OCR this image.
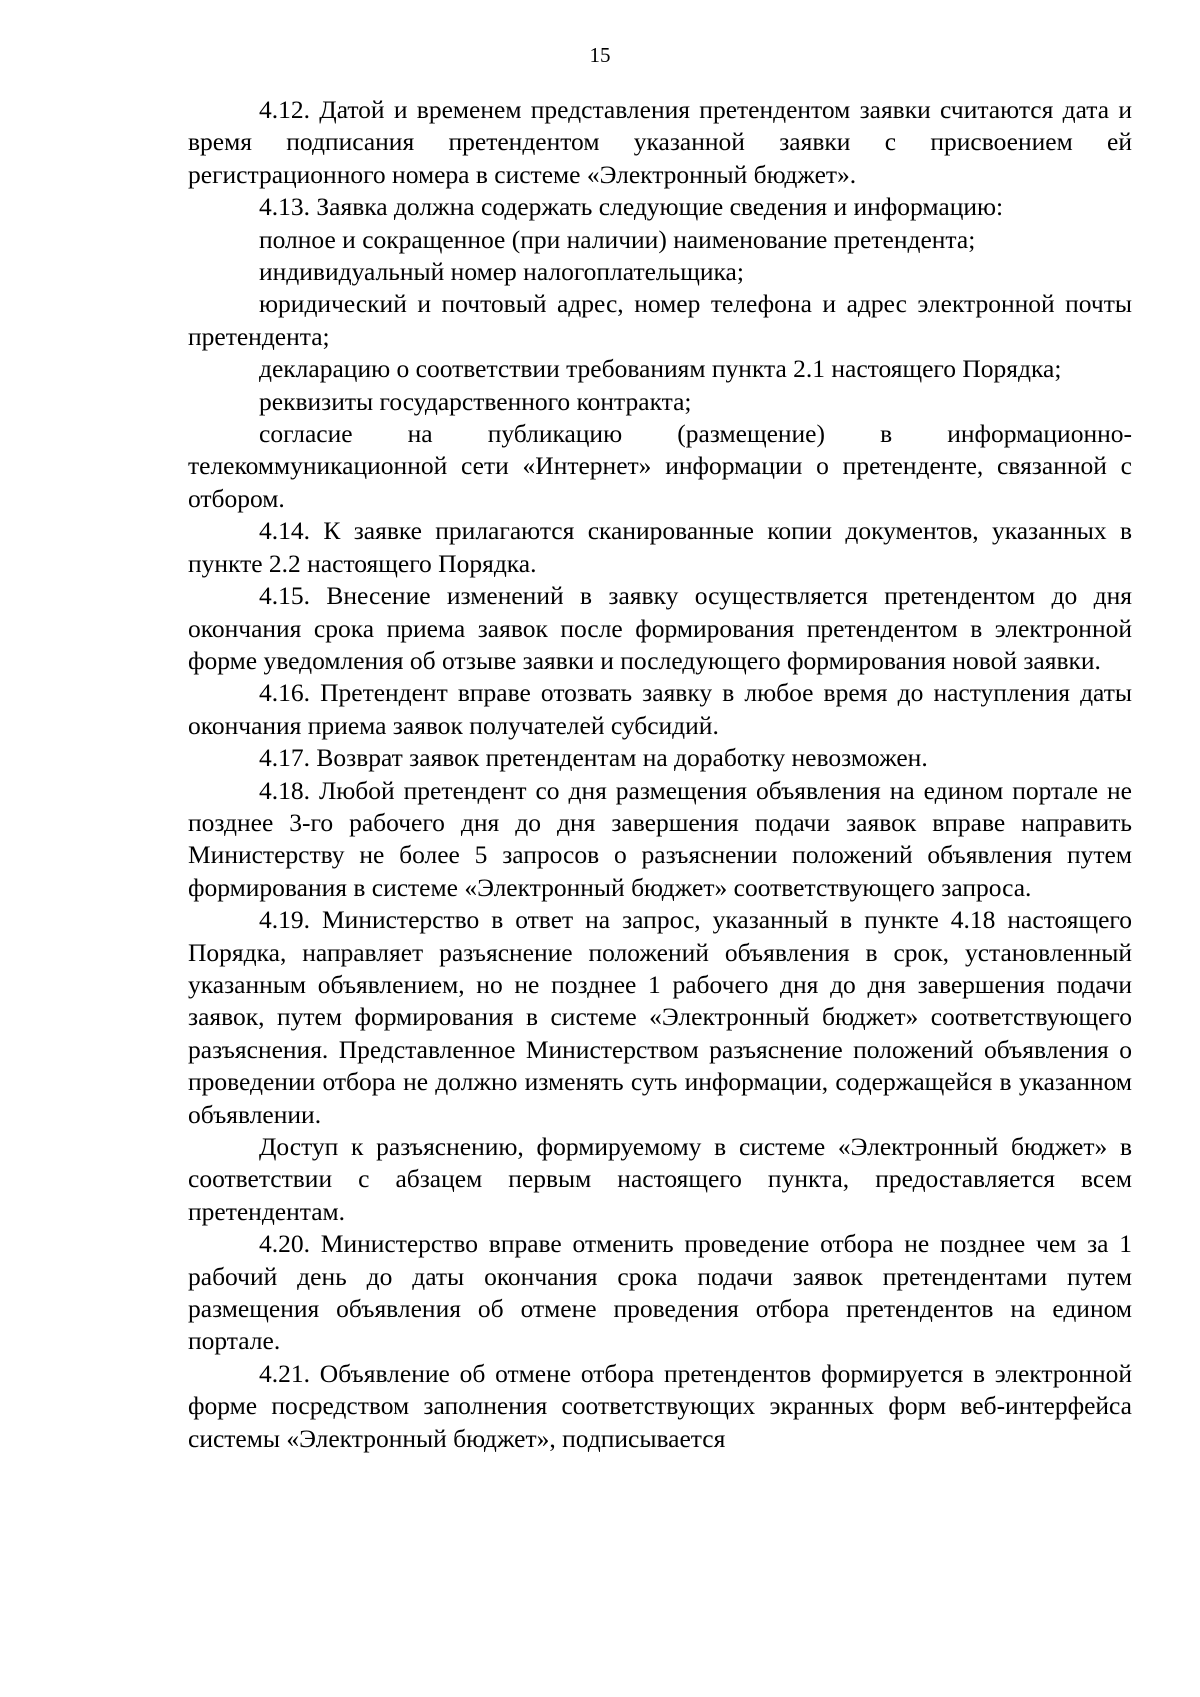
15

4.12. Датой и временем представления претендентом заявки считаются дата и время подписания претендентом указанной заявки с присвоением ей регистрационного номера в системе «Электронный бюджет».

4.13. Заявка должна содержать следующие сведения и информацию:

полное и сокращенное (при наличии) наименование претендента;

индивидуальный номер налогоплательщика;

юридический и почтовый адрес, номер телефона и адрес электронной почты претендента;

декларацию о соответствии требованиям пункта 2.1 настоящего Порядка;

реквизиты государственного контракта;

согласие на публикацию (размещение) в информационно-телекоммуникационной сети «Интернет» информации о претенденте, связанной с отбором.

4.14. К заявке прилагаются сканированные копии документов, указанных в пункте 2.2 настоящего Порядка.

4.15. Внесение изменений в заявку осуществляется претендентом до дня окончания срока приема заявок после формирования претендентом в электронной форме уведомления об отзыве заявки и последующего формирования новой заявки.

4.16. Претендент вправе отозвать заявку в любое время до наступления даты окончания приема заявок получателей субсидий.

4.17. Возврат заявок претендентам на доработку невозможен.

4.18. Любой претендент со дня размещения объявления на едином портале не позднее 3-го рабочего дня до дня завершения подачи заявок вправе направить Министерству не более 5 запросов о разъяснении положений объявления путем формирования в системе «Электронный бюджет» соответствующего запроса.

4.19. Министерство в ответ на запрос, указанный в пункте 4.18 настоящего Порядка, направляет разъяснение положений объявления в срок, установленный указанным объявлением, но не позднее 1 рабочего дня до дня завершения подачи заявок, путем формирования в системе «Электронный бюджет» соответствующего разъяснения. Представленное Министерством разъяснение положений объявления о проведении отбора не должно изменять суть информации, содержащейся в указанном объявлении.

Доступ к разъяснению, формируемому в системе «Электронный бюджет» в соответствии с абзацем первым настоящего пункта, предоставляется всем претендентам.

4.20. Министерство вправе отменить проведение отбора не позднее чем за 1 рабочий день до даты окончания срока подачи заявок претендентами путем размещения объявления об отмене проведения отбора претендентов на едином портале.

4.21. Объявление об отмене отбора претендентов формируется в электронной форме посредством заполнения соответствующих экранных форм веб-интерфейса системы «Электронный бюджет», подписывается
